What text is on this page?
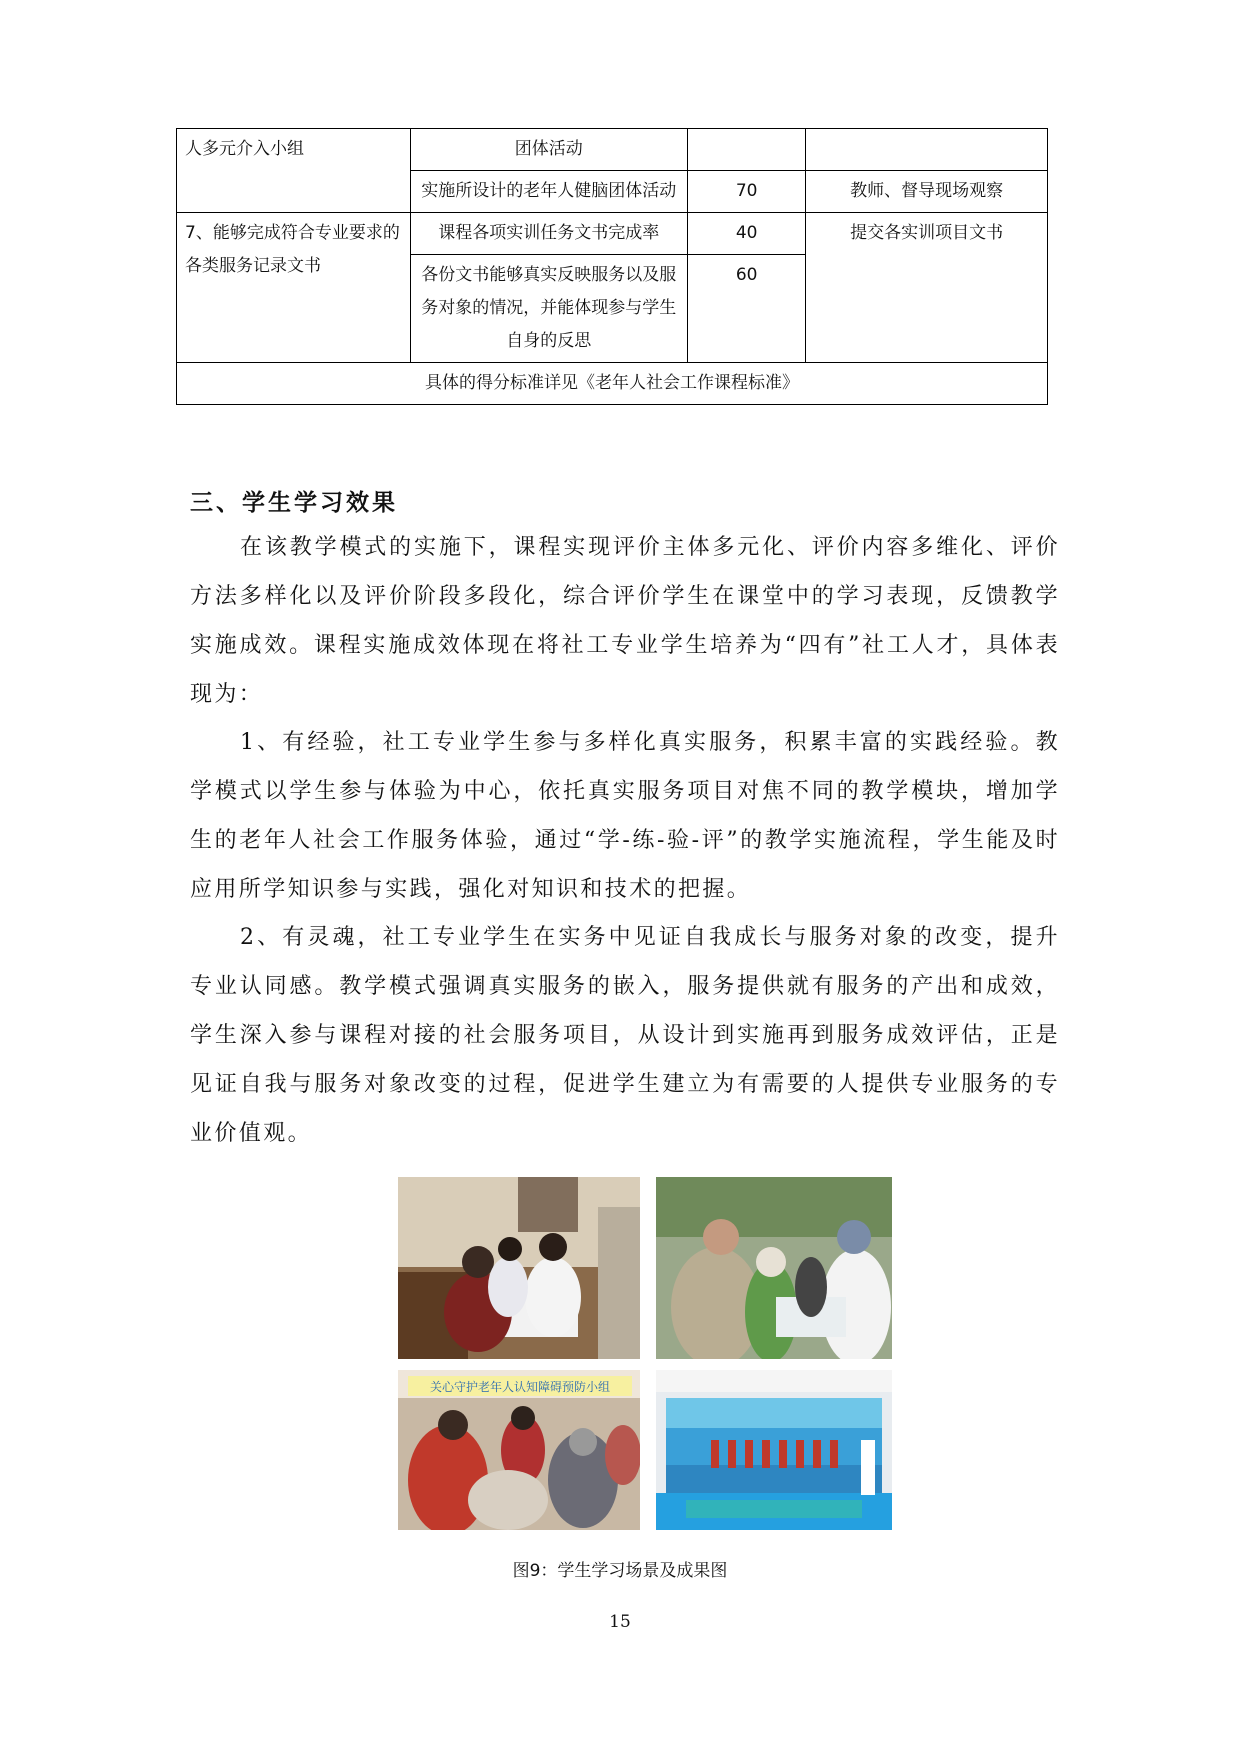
人多元介入小组	团体活动		
	实施所设计的老年人健脑团体活动	70	教师、督导现场观察
7、能够完成符合专业要求的各类服务记录文书	课程各项实训任务文书完成率	40	提交各实训项目文书
	各份文书能够真实反映服务以及服务对象的情况，并能体现参与学生自身的反思	60	
具体的得分标准详见《老年人社会工作课程标准》			
三、学生学习效果

在该教学模式的实施下，课程实现评价主体多元化、评价内容多维化、评价方法多样化以及评价阶段多段化，综合评价学生在课堂中的学习表现，反馈教学实施成效。课程实施成效体现在将社工专业学生培养为“四有”社工人才，具体表现为：

1、有经验，社工专业学生参与多样化真实服务，积累丰富的实践经验。教学模式以学生参与体验为中心，依托真实服务项目对焦不同的教学模块，增加学生的老年人社会工作服务体验，通过“学-练-验-评”的教学实施流程，学生能及时应用所学知识参与实践，强化对知识和技术的把握。

2、有灵魂，社工专业学生在实务中见证自我成长与服务对象的改变，提升专业认同感。教学模式强调真实服务的嵌入，服务提供就有服务的产出和成效，学生深入参与课程对接的社会服务项目，从设计到实施再到服务成效评估，正是见证自我与服务对象改变的过程，促进学生建立为有需要的人提供专业服务的专业价值观。

关心守护老年人认知障碍预防小组
图9：学生学习场景及成果图
15
